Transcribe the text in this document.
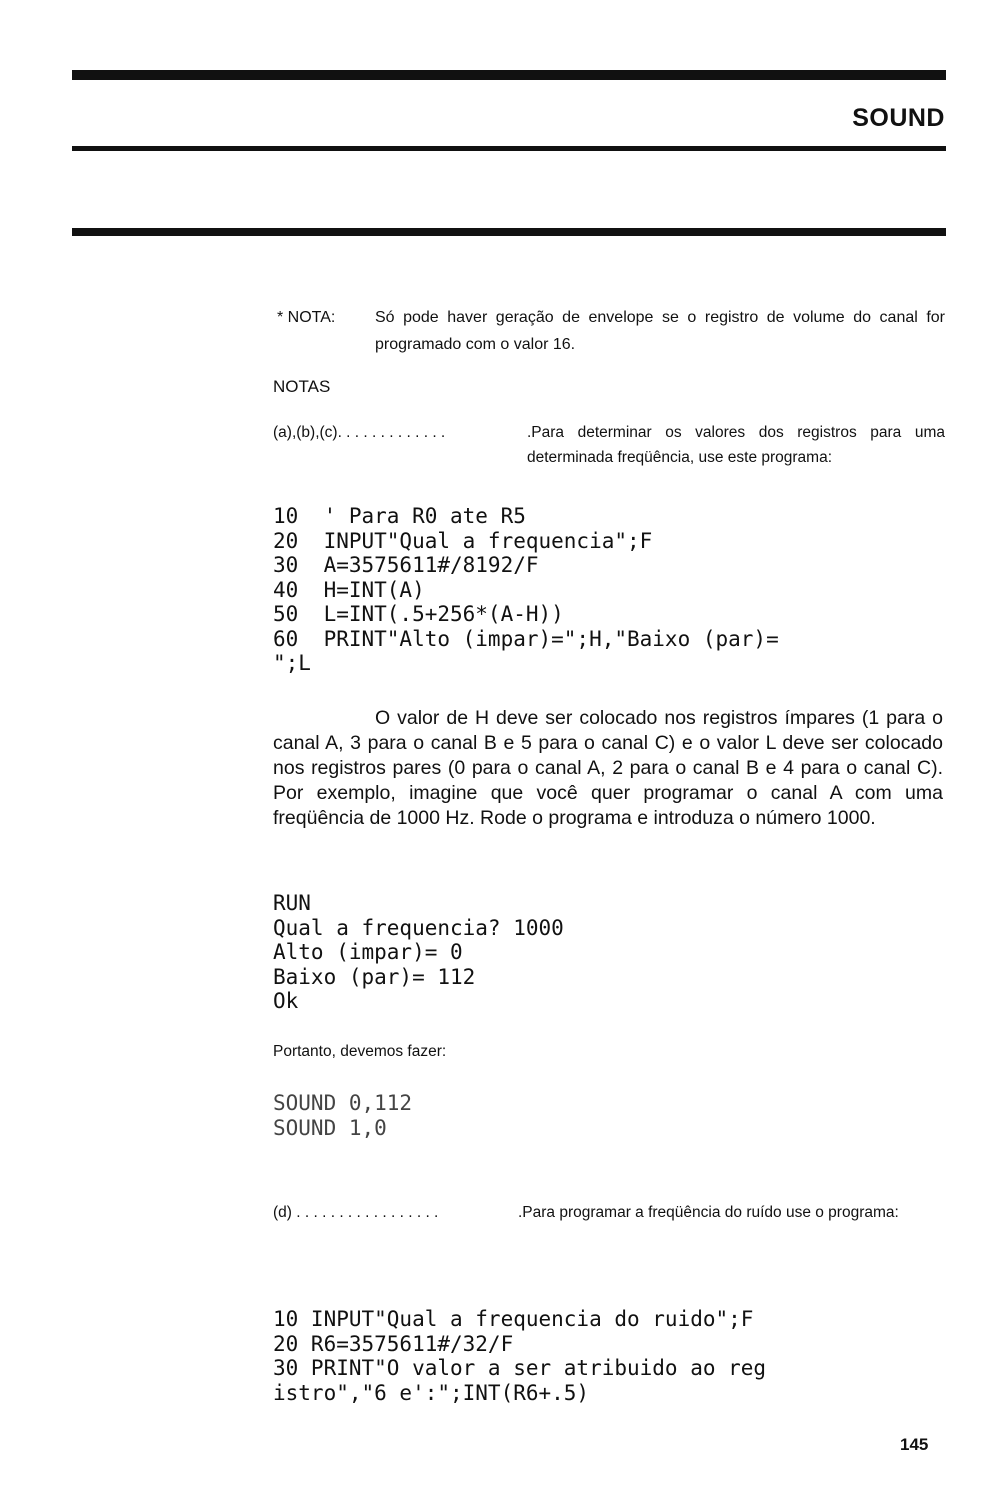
SOUND
* NOTA:	Só pode haver geração de envelope se o registro de volume do canal for programado com o valor 16.
NOTAS
(a),(b),(c). . . . . . . . . . . . .	.Para determinar os valores dos registros para uma determinada freqüência, use este programa:
10  ' Para R0 ate R5
20  INPUT"Qual a frequencia";F
30  A=3575611#/8192/F
40  H=INT(A)
50  L=INT(.5+256*(A-H))
60  PRINT"Alto (impar)=";H,"Baixo (par)=
";L

O valor de H deve ser colocado nos registros ímpares (1 para o canal A, 3 para o canal B e 5 para o canal C) e o valor L deve ser colocado nos registros pares (0 para o canal A, 2 para o canal B e 4 para o canal C). Por exemplo, imagine que você quer programar o canal A com uma freqüência de 1000 Hz. Rode o programa e introduza o número 1000.

RUN
Qual a frequencia? 1000
Alto (impar)= 0
Baixo (par)= 112
Ok
Portanto, devemos fazer:
SOUND 0,112
SOUND 1,0
(d) . . . . . . . . . . . . . . . . .	.Para programar a freqüência do ruído use o programa:
10 INPUT"Qual a frequencia do ruido";F
20 R6=3575611#/32/F
30 PRINT"O valor a ser atribuido ao reg
istro","6 e':";INT(R6+.5)
145
